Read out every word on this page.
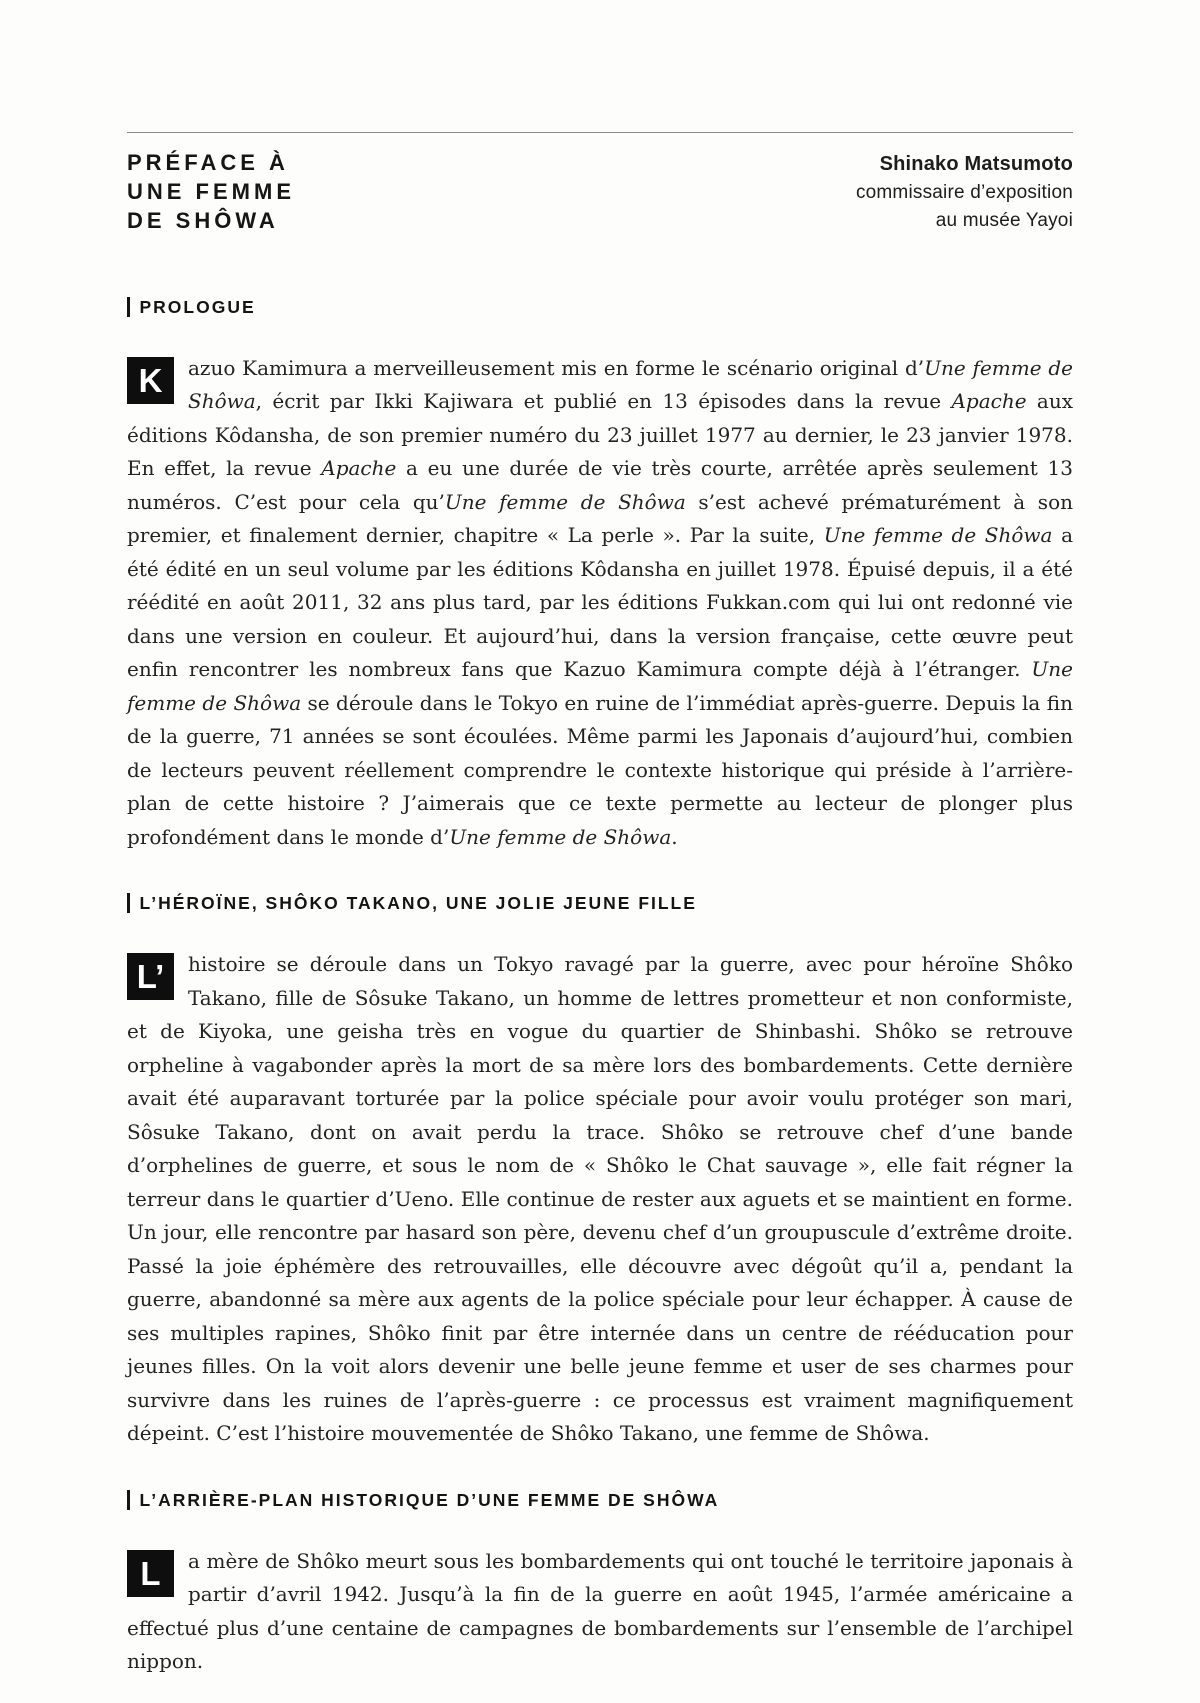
PRÉFACE À
UNE FEMME
DE SHÔWA
Shinako Matsumoto
commissaire d’exposition
au musée Yayoi
PROLOGUE

K	azuo Kamimura a merveilleusement mis en forme le scénario original d’Une femme de Shôwa, écrit par Ikki Kajiwara et publié en 13 épisodes dans la revue Apache aux éditions Kôdansha, de son premier numéro du 23 juillet 1977 au dernier, le 23 janvier 1978. En effet, la revue Apache a eu une durée de vie très courte, arrêtée après seulement 13 numéros. C’est pour cela qu’Une femme de Shôwa s’est achevé prématurément à son premier, et finalement dernier, chapitre « La perle ». Par la suite, Une femme de Shôwa a été édité en un seul volume par les éditions Kôdansha en juillet 1978. Épuisé depuis, il a été réédité en août 2011, 32 ans plus tard, par les éditions Fukkan.com qui lui ont redonné vie dans une version en couleur. Et aujourd’hui, dans la version française, cette œuvre peut enfin rencontrer les nombreux fans que Kazuo Kamimura compte déjà à l’étranger. Une femme de Shôwa se déroule dans le Tokyo en ruine de l’immédiat après-guerre. Depuis la fin de la guerre, 71 années se sont écoulées. Même parmi les Japonais d’aujourd’hui, combien de lecteurs peuvent réellement comprendre le contexte historique qui préside à l’arrière-plan de cette histoire ? J’aimerais que ce texte permette au lecteur de plonger plus profondément dans le monde d’Une femme de Shôwa.

L’HÉROÏNE, SHÔKO TAKANO, UNE JOLIE JEUNE FILLE

L’	histoire se déroule dans un Tokyo ravagé par la guerre, avec pour héroïne Shôko Takano, fille de Sôsuke Takano, un homme de lettres prometteur et non conformiste, et de Kiyoka, une geisha très en vogue du quartier de Shinbashi. Shôko se retrouve orpheline à vagabonder après la mort de sa mère lors des bombardements. Cette dernière avait été auparavant torturée par la police spéciale pour avoir voulu protéger son mari, Sôsuke Takano, dont on avait perdu la trace. Shôko se retrouve chef d’une bande d’orphelines de guerre, et sous le nom de « Shôko le Chat sauvage », elle fait régner la terreur dans le quartier d’Ueno. Elle continue de rester aux aguets et se maintient en forme. Un jour, elle rencontre par hasard son père, devenu chef d’un groupuscule d’extrême droite. Passé la joie éphémère des retrouvailles, elle découvre avec dégoût qu’il a, pendant la guerre, abandonné sa mère aux agents de la police spéciale pour leur échapper. À cause de ses multiples rapines, Shôko finit par être internée dans un centre de rééducation pour jeunes filles. On la voit alors devenir une belle jeune femme et user de ses charmes pour survivre dans les ruines de l’après-guerre : ce processus est vraiment magnifiquement dépeint. C’est l’histoire mouvementée de Shôko Takano, une femme de Shôwa.

L’ARRIÈRE-PLAN HISTORIQUE D’UNE FEMME DE SHÔWA

L	a mère de Shôko meurt sous les bombardements qui ont touché le territoire japonais à partir d’avril 1942. Jusqu’à la fin de la guerre en août 1945, l’armée américaine a effectué plus d’une centaine de campagnes de bombardements sur l’ensemble de l’archipel nippon.
